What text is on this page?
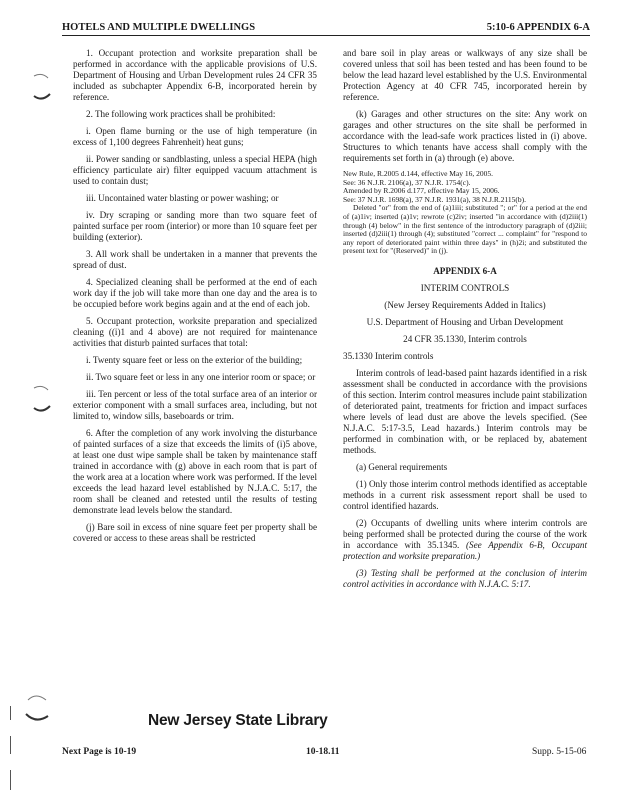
HOTELS AND MULTIPLE DWELLINGS	5:10-6 APPENDIX 6-A

1. Occupant protection and worksite preparation shall be performed in accordance with the applicable provisions of U.S. Department of Housing and Urban Development rules 24 CFR 35 included as subchapter Appendix 6-B, incorporated herein by reference.

2. The following work practices shall be prohibited:

i. Open flame burning or the use of high temperature (in excess of 1,100 degrees Fahrenheit) heat guns;

ii. Power sanding or sandblasting, unless a special HEPA (high efficiency particulate air) filter equipped vacuum attachment is used to contain dust;

iii. Uncontained water blasting or power washing; or

iv. Dry scraping or sanding more than two square feet of painted surface per room (interior) or more than 10 square feet per building (exterior).

3. All work shall be undertaken in a manner that prevents the spread of dust.

4. Specialized cleaning shall be performed at the end of each work day if the job will take more than one day and the area is to be occupied before work begins again and at the end of each job.

5. Occupant protection, worksite preparation and specialized cleaning ((i)1 and 4 above) are not required for maintenance activities that disturb painted surfaces that total:

i. Twenty square feet or less on the exterior of the building;

ii. Two square feet or less in any one interior room or space; or

iii. Ten percent or less of the total surface area of an interior or exterior component with a small surfaces area, including, but not limited to, window sills, baseboards or trim.

6. After the completion of any work involving the disturbance of painted surfaces of a size that exceeds the limits of (i)5 above, at least one dust wipe sample shall be taken by maintenance staff trained in accordance with (g) above in each room that is part of the work area at a location where work was performed. If the level exceeds the lead hazard level established by N.J.A.C. 5:17, the room shall be cleaned and retested until the results of testing demonstrate lead levels below the standard.

(j) Bare soil in excess of nine square feet per property shall be covered or access to these areas shall be restricted

and bare soil in play areas or walkways of any size shall be covered unless that soil has been tested and has been found to be below the lead hazard level established by the U.S. Environmental Protection Agency at 40 CFR 745, incorporated herein by reference.

(k) Garages and other structures on the site: Any work on garages and other structures on the site shall be performed in accordance with the lead-safe work practices listed in (i) above. Structures to which tenants have access shall comply with the requirements set forth in (a) through (e) above.

New Rule, R.2005 d.144, effective May 16, 2005.
See: 36 N.J.R. 2106(a), 37 N.J.R. 1754(c).
Amended by R.2006 d.177, effective May 15, 2006.
See: 37 N.J.R. 1698(a), 37 N.J.R. 1931(a), 38 N.J.R.2115(b).
Deleted "or" from the end of (a)1iii; substituted "; or" for a period at the end of (a)1iv; inserted (a)1v; rewrote (c)2iv; inserted "in accordance with (d)2iii(1) through (4) below" in the first sentence of the introductory paragraph of (d)2iii; inserted (d)2iii(1) through (4); substituted "correct ... complaint" for "respond to any report of deteriorated paint within three days" in (h)2i; and substituted the present text for "(Reserved)" in (j).

APPENDIX 6-A

INTERIM CONTROLS

(New Jersey Requirements Added in Italics)

U.S. Department of Housing and Urban Development

24 CFR 35.1330, Interim controls

35.1330 Interim controls

Interim controls of lead-based paint hazards identified in a risk assessment shall be conducted in accordance with the provisions of this section. Interim control measures include paint stabilization of deteriorated paint, treatments for friction and impact surfaces where levels of lead dust are above the levels specified. (See N.J.A.C. 5:17-3.5, Lead hazards.) Interim controls may be performed in combination with, or be replaced by, abatement methods.

(a) General requirements

(1) Only those interim control methods identified as acceptable methods in a current risk assessment report shall be used to control identified hazards.

(2) Occupants of dwelling units where interim controls are being performed shall be protected during the course of the work in accordance with 35.1345. (See Appendix 6-B, Occupant protection and worksite preparation.)

(3) Testing shall be performed at the conclusion of interim control activities in accordance with N.J.A.C. 5:17.

New Jersey State Library
Next Page is 10-19	10-18.11	Supp. 5-15-06
